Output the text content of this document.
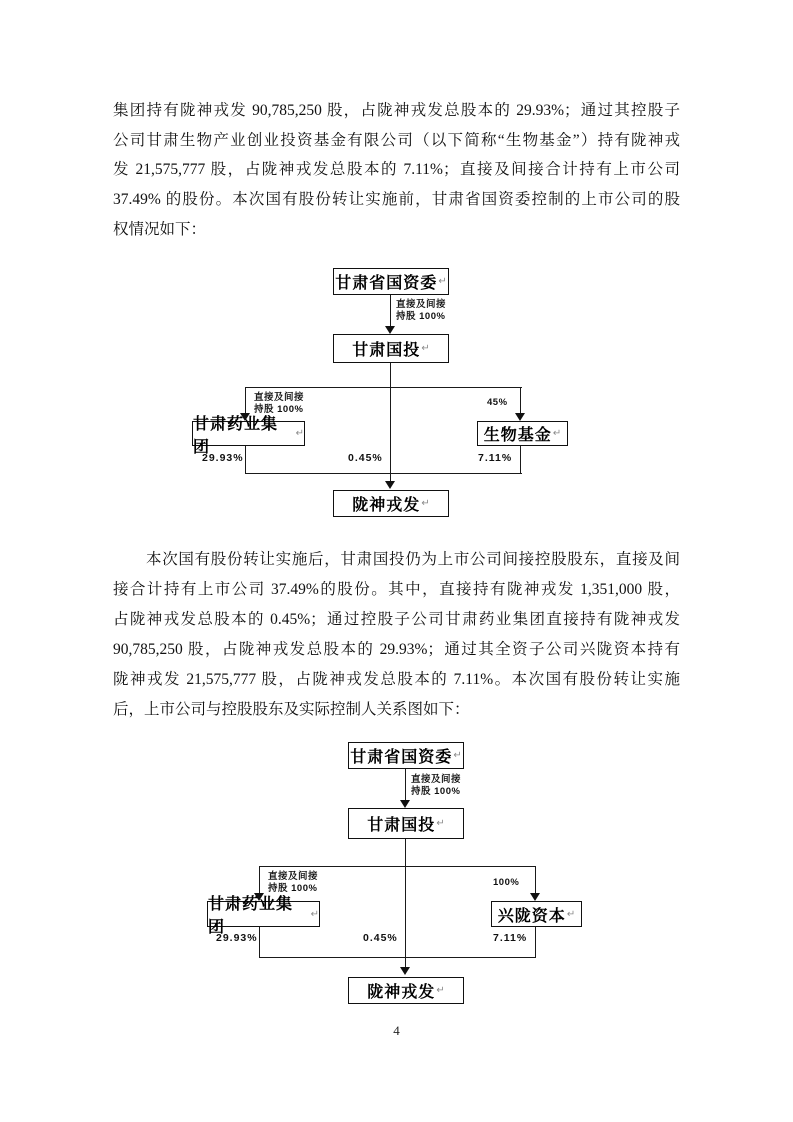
集团持有陇神戎发 90,785,250 股，占陇神戎发总股本的 29.93%；通过其控股子
公司甘肃生物产业创业投资基金有限公司（以下简称“生物基金”）持有陇神戎
发 21,575,777 股，占陇神戎发总股本的 7.11%；直接及间接合计持有上市公司
37.49% 的股份。本次国有股份转让实施前，甘肃省国资委控制的上市公司的股
权情况如下：
甘肃省国资委 ↵
直接及间接
持股 100%
甘肃国投 ↵
直接及间接
持股 100%
45%
甘肃药业集团
↵	生物基金 ↵
29.93%	0.45%	7.11%
陇神戎发 ↵
本次国有股份转让实施后，甘肃国投仍为上市公司间接控股股东，直接及间
接合计持有上市公司 37.49%的股份。其中，直接持有陇神戎发 1,351,000 股，
占陇神戎发总股本的 0.45%；通过控股子公司甘肃药业集团直接持有陇神戎发
90,785,250 股，占陇神戎发总股本的 29.93%；通过其全资子公司兴陇资本持有
陇神戎发 21,575,777 股，占陇神戎发总股本的 7.11%。本次国有股份转让实施
后，上市公司与控股股东及实际控制人关系图如下：
甘肃省国资委 ↵
直接及间接
持股 100%
甘肃国投 ↵
直接及间接
持股 100%	100%
甘肃药业集团
↵	兴陇资本 ↵
29.93%	0.45%	7.11%
陇神戎发 ↵
4
